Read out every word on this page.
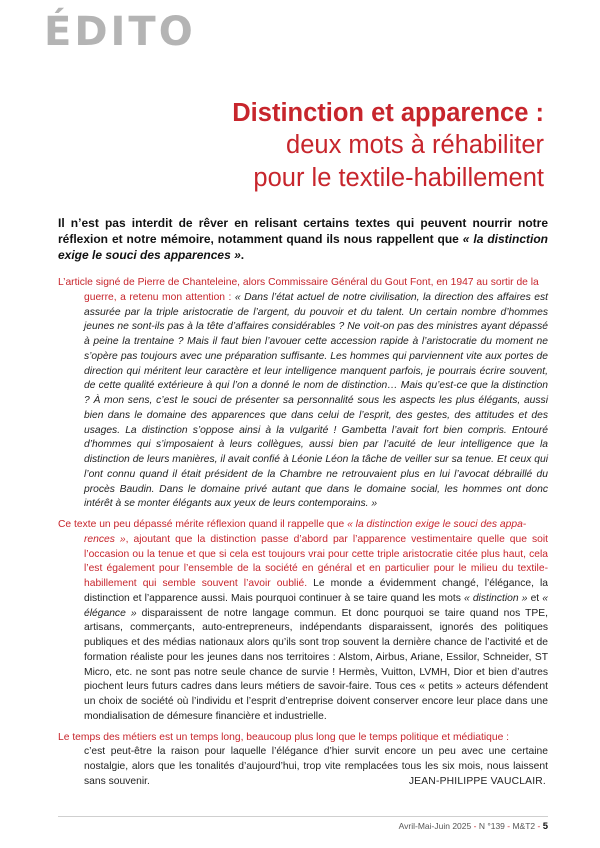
ÉDITO

Distinction et apparence :

deux mots à réhabiliter

pour le textile-habillement

Il n’est pas interdit de rêver en relisant certains textes qui peuvent nourrir notre réflexion et notre mémoire, notamment quand ils nous rappellent que « la distinction exige le souci des apparences ».

L’article signé de Pierre de Chanteleine, alors Commissaire Général du Gout Font, en 1947 au sortir de la
guerre, a retenu mon attention : « Dans l’état actuel de notre civilisation, la direction des affaires est assurée par la triple aristocratie de l’argent, du pouvoir et du talent. Un certain nombre d’hommes jeunes ne sont-ils pas à la tête d’affaires considérables ? Ne voit-on pas des ministres ayant dépassé à peine la trentaine ? Mais il faut bien l’avouer cette accession rapide à l’aristocratie du moment ne s’opère pas toujours avec une préparation suffisante. Les hommes qui parviennent vite aux portes de direction qui méritent leur caractère et leur intelligence manquent parfois, je pourrais écrire souvent, de cette qualité extérieure à qui l’on a donné le nom de distinction… Mais qu’est-ce que la distinction ? À mon sens, c’est le souci de présenter sa personnalité sous les aspects les plus élégants, aussi bien dans le domaine des apparences que dans celui de l’esprit, des gestes, des attitudes et des usages. La distinction s’oppose ainsi à la vulgarité ! Gambetta l’avait fort bien compris. Entouré d’hommes qui s’imposaient à leurs collègues, aussi bien par l’acuité de leur intelligence que la distinction de leurs manières, il avait confié à Léonie Léon la tâche de veiller sur sa tenue. Et ceux qui l’ont connu quand il était président de la Chambre ne retrouvaient plus en lui l’avocat débraillé du procès Baudin. Dans le domaine privé autant que dans le domaine social, les hommes ont donc intérêt à se monter élégants aux yeux de leurs contemporains. »

Ce texte un peu dépassé mérite réflexion quand il rappelle que « la distinction exige le souci des appa-
rences », ajoutant que la distinction passe d’abord par l’apparence vestimentaire quelle que soit l’occasion ou la tenue et que si cela est toujours vrai pour cette triple aristocratie citée plus haut, cela l’est également pour l’ensemble de la société en général et en particulier pour le milieu du textile-habillement qui semble souvent l’avoir oublié. Le monde a évidemment changé, l’élégance, la distinction et l’apparence aussi. Mais pourquoi continuer à se taire quand les mots « distinction » et « élégance » disparaissent de notre langage commun. Et donc pourquoi se taire quand nos TPE, artisans, commerçants, auto-entrepreneurs, indépendants disparaissent, ignorés des politiques publiques et des médias nationaux alors qu’ils sont trop souvent la dernière chance de l’activité et de formation réaliste pour les jeunes dans nos territoires : Alstom, Airbus, Ariane, Essilor, Schneider, ST Micro, etc. ne sont pas notre seule chance de survie ! Hermès, Vuitton, LVMH, Dior et bien d’autres piochent leurs futurs cadres dans leurs métiers de savoir-faire. Tous ces « petits » acteurs défendent un choix de société où l’individu et l’esprit d’entreprise doivent conserver encore leur place dans une mondialisation de démesure financière et industrielle.

Le temps des métiers est un temps long, beaucoup plus long que le temps politique et médiatique :
c’est peut-être la raison pour laquelle l’élégance d’hier survit encore un peu avec une certaine nostalgie, alors que les tonalités d’aujourd’hui, trop vite remplacées tous les six mois, nous laissent sans souvenir.	JEAN-PHILIPPE VAUCLAIR.

Avril-Mai-Juin 2025 - N °139 - M&T2 - 5
